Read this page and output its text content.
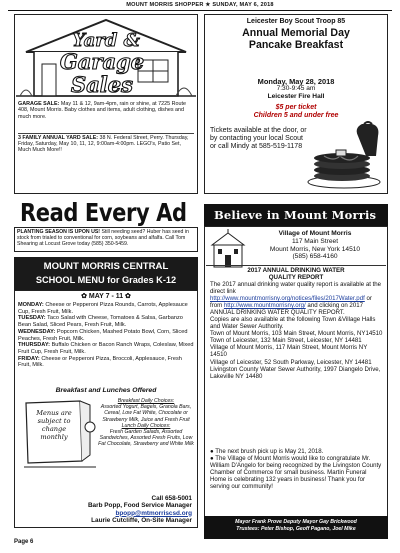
MOUNT MORRIS SHOPPER ★ SUNDAY, MAY 6, 2018
Yard &
Garage
Sales
GARAGE SALE: May 11 & 12, 9am-4pm, rain or shine, at 7225 Route 408, Mount Morris. Baby clothes and items, adult clothing, dishes and much more.
3 FAMILY ANNUAL YARD SALE: 38 N. Federal Street, Perry. Thursday, Friday, Saturday, May 10, 11, 12, 9:00am-4:00pm. LEGO's, Patio Set, Much Much More!!
Leicester Boy Scout Troop 85
Annual Memorial Day
Pancake Breakfast
Monday, May 28, 2018
7:30-9:45 am
Leicester Fire Hall
$5 per ticket
Children 5 and under free
Tickets available at the door, or by contacting your local Scout or call Mindy at 585-519-1178
Read Every Ad
PLANTING SEASON IS UPON US! Still needing seed? Huber has seed in stock from trialed to conventional for corn, soybeans and alfalfa. Call Tom Shearing at Locust Grove today (585) 350-5459.
MOUNT MORRIS CENTRAL
SCHOOL MENU for Grades K-12
✿ MAY 7 - 11 ✿

MONDAY: Cheese or Pepperoni Pizza Rounds, Carrots, Applesauce Cup, Fresh Fruit, Milk.

TUESDAY: Taco Salad with Cheese, Tomatoes & Salsa, Garbanzo Bean Salad, Sliced Pears, Fresh Fruit, Milk.

WEDNESDAY: Popcorn Chicken, Mashed Potato Bowl, Corn, Sliced Peaches, Fresh Fruit, Milk.

THURSDAY: Buffalo Chicken or Bacon Ranch Wraps, Coleslaw, Mixed Fruit Cup, Fresh Fruit, Milk.

FRIDAY: Cheese or Pepperoni Pizza, Broccoli, Applesauce, Fresh Fruit, Milk.

Breakfast and Lunches Offered
Menus are subject to change monthly
Breakfast Daily Choices:
Assorted Yogurt, Bagels, Granola Bars, Cereal, Low Fat White, Chocolate or Strawberry Milk, Juice and Fresh Fruit
Lunch Daily Choices:
Fresh Garden Salads, Assorted Sandwiches, Assorted Fresh Fruits, Low Fat Chocolate, Strawberry and White Milk
Call 658-5001
Barb Popp, Food Service Manager
bpopp@mtmorriscsd.org
Laurie Cutcliffe, On-Site Manager
Page 6
Believe in Mount Morris
Village of Mount Morris
117 Main Street
Mount Morris, New York 14510
(585) 658-4160
2017 ANNUAL DRINKING WATER
QUALITY REPORT
The 2017 annual drinking water quality report is available at the direct link http://www.mountmorrisny.org/notices/files/2017Water.pdf or from http://www.mountmorrisny.org/ and clicking on 2017 ANNUAL DRINKING WATER QUALITY REPORT.
Copies are also available at the following Town &Village Halls and Water Sewer Authority.
Town of Mount Morris, 103 Main Street, Mount Morris, NY14510
Town of Leicester, 132 Main Street, Leicester, NY 14481
Village of Mount Morris, 117 Main Street, Mount Morris NY 14510
Village of Leicester, 52 South Parkway, Leicester, NY 14481
Livingston County Water Sewer Authority, 1997 Diangelo Drive, Lakeville NY 14480
● The next brush pick up is May 21, 2018.
● The Village of Mount Morris would like to congratulate Mr. William D'Angelo for being recognized by the Livingston County Chamber of Commerce for small business. Martin Funeral Home is celebrating 132 years in business! Thank you for serving our community!
Mayor Frank Prove Deputy Mayor Gay Brickwood
Trustees: Peter Bishop, Geoff Pagano, Joel Mike
